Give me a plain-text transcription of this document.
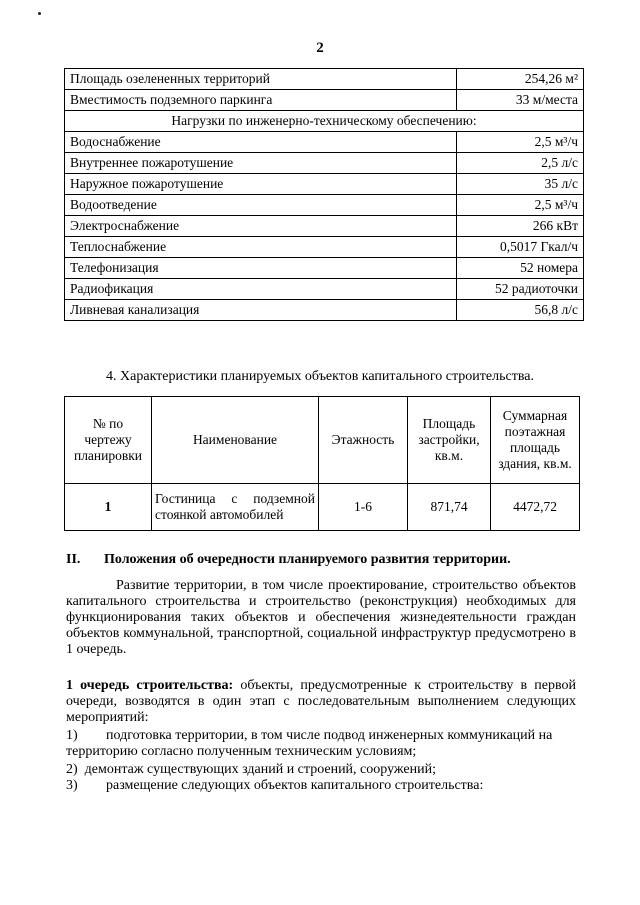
2
Площадь озелененных территорий	254,26 м²
Вместимость подземного паркинга	33 м/места
Нагрузки по инженерно-техническому обеспечению:	
Водоснабжение	2,5 м³/ч
Внутреннее пожаротушение	2,5 л/с
Наружное пожаротушение	35 л/с
Водоотведение	2,5 м³/ч
Электроснабжение	266 кВт
Теплоснабжение	0,5017 Гкал/ч
Телефонизация	52 номера
Радиофикация	52 радиоточки
Ливневая канализация	56,8 л/с
4. Характеристики планируемых объектов капитального строительства.
№ по чертежу планировки	Наименование	Этажность	Площадь застройки, кв.м.	Суммарная поэтажная площадь здания, кв.м.
1	Гостиница с подземной стоянкой автомобилей	1-6	871,74	4472,72
II. Положения об очередности планируемого развития территории.
Развитие территории, в том числе проектирование, строительство объектов капитального строительства и строительство (реконструкция) необходимых для функционирования таких объектов и обеспечения жизнедеятельности граждан объектов коммунальной, транспортной, социальной инфраструктур предусмотрено в 1 очередь.
1 очередь строительства: объекты, предусмотренные к строительству в первой очереди, возводятся в один этап с последовательным выполнением следующих мероприятий:
1) подготовка территории, в том числе подвод инженерных коммуникаций на территорию согласно полученным техническим условиям;
2) демонтаж существующих зданий и строений, сооружений;
3) размещение следующих объектов капитального строительства:
